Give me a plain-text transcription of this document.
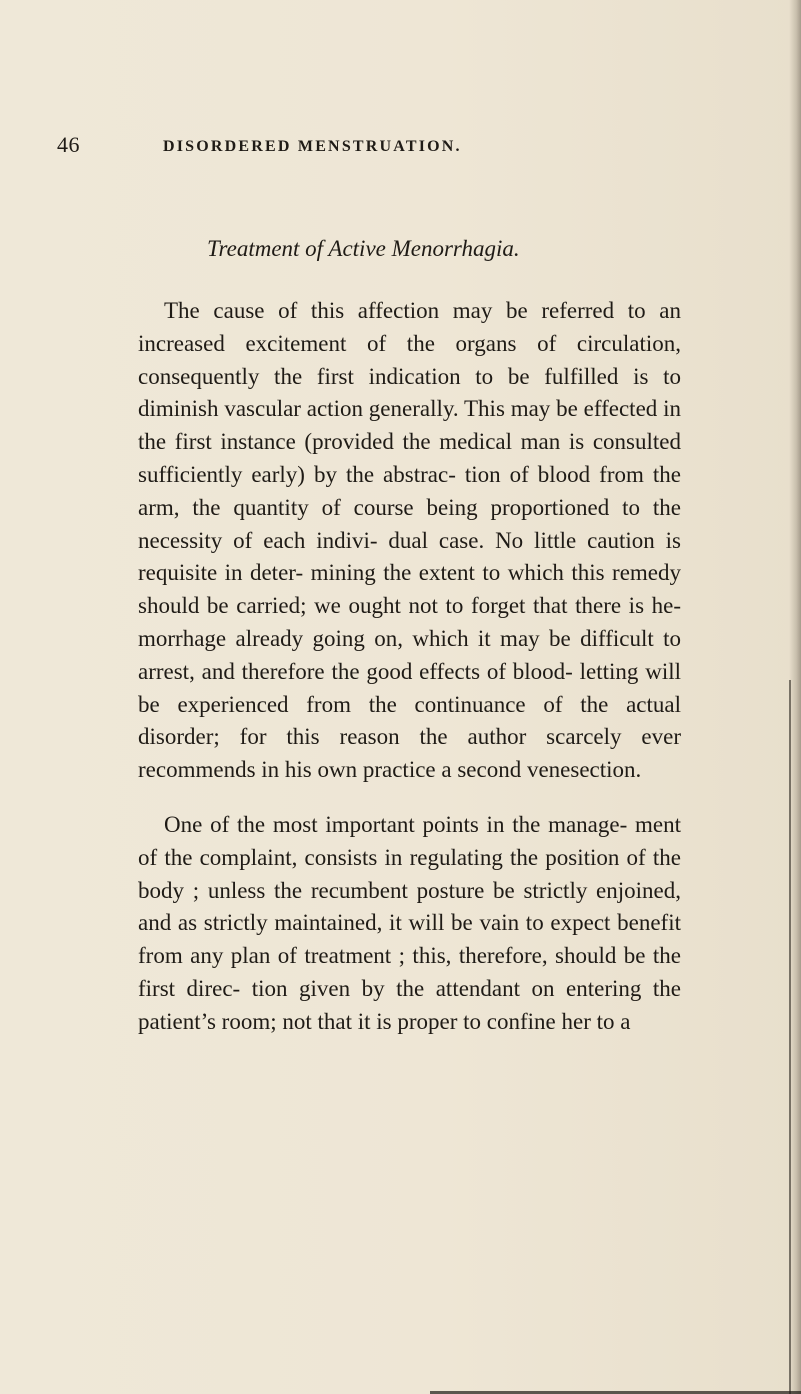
46	DISORDERED MENSTRUATION.
Treatment of Active Menorrhagia.

The cause of this affection may be referred to an increased excitement of the organs of circulation, consequently the first indication to be fulfilled is to diminish vascular action generally. This may be effected in the first instance (provided the medical man is consulted sufficiently early) by the abstrac- tion of blood from the arm, the quantity of course being proportioned to the necessity of each indivi- dual case. No little caution is requisite in deter- mining the extent to which this remedy should be carried; we ought not to forget that there is he- morrhage already going on, which it may be difficult to arrest, and therefore the good effects of blood- letting will be experienced from the continuance of the actual disorder; for this reason the author scarcely ever recommends in his own practice a second venesection.

One of the most important points in the manage- ment of the complaint, consists in regulating the position of the body ; unless the recumbent posture be strictly enjoined, and as strictly maintained, it will be vain to expect benefit from any plan of treatment ; this, therefore, should be the first direc- tion given by the attendant on entering the patient’s room; not that it is proper to confine her to a
